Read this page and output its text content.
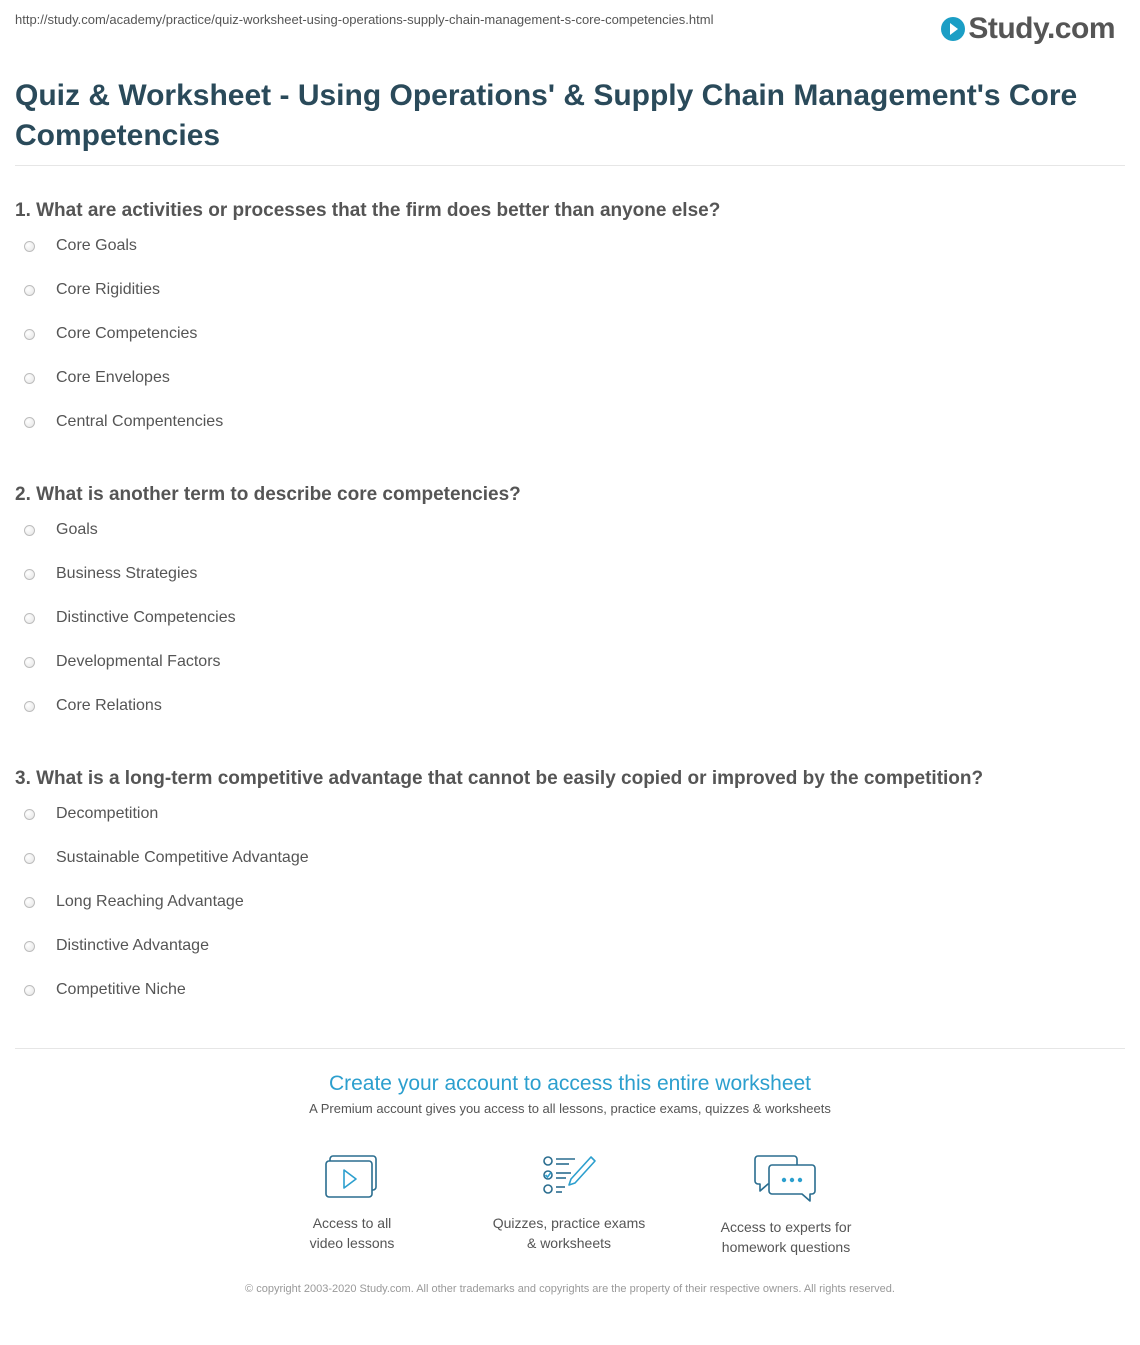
http://study.com/academy/practice/quiz-worksheet-using-operations-supply-chain-management-s-core-competencies.html	Study.com
Quiz & Worksheet - Using Operations' & Supply Chain Management's Core Competencies
1. What are activities or processes that the firm does better than anyone else?
Core Goals
Core Rigidities
Core Competencies
Core Envelopes
Central Compentencies
2. What is another term to describe core competencies?
Goals
Business Strategies
Distinctive Competencies
Developmental Factors
Core Relations
3. What is a long-term competitive advantage that cannot be easily copied or improved by the competition?
Decompetition
Sustainable Competitive Advantage
Long Reaching Advantage
Distinctive Advantage
Competitive Niche
Create your account to access this entire worksheet
A Premium account gives you access to all lessons, practice exams, quizzes & worksheets
Access to all
video lessons
Quizzes, practice exams
& worksheets
Access to experts for
homework questions
© copyright 2003-2020 Study.com. All other trademarks and copyrights are the property of their respective owners. All rights reserved.
